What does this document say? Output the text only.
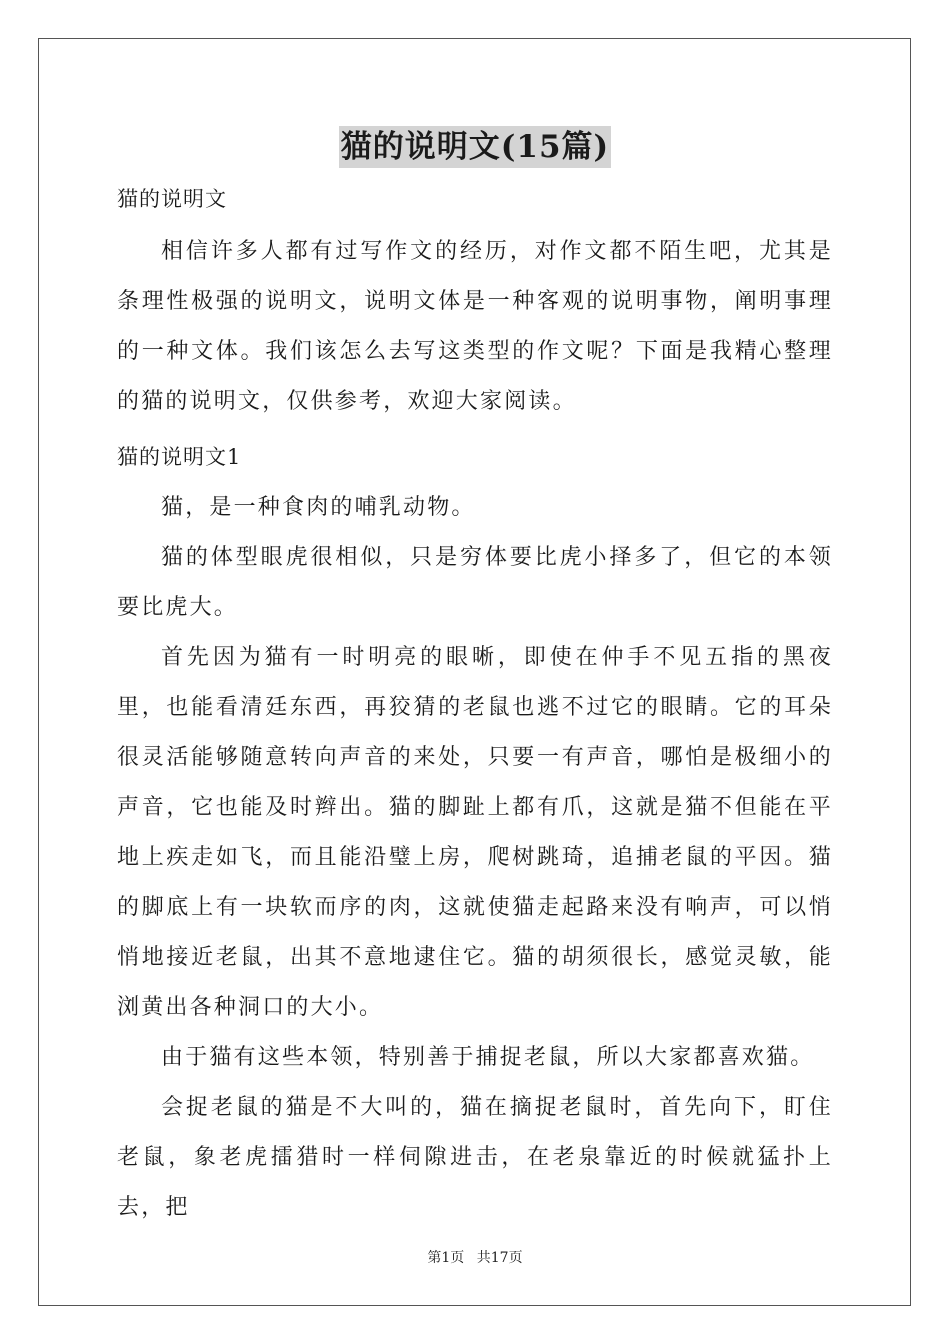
猫的说明文(15篇)

猫的说明文

相信许多人都有过写作文的经历，对作文都不陌生吧，尤其是条理性极强的说明文，说明文体是一种客观的说明事物，阐明事理的一种文体。我们该怎么去写这类型的作文呢？下面是我精心整理的猫的说明文，仅供参考，欢迎大家阅读。

猫的说明文1

猫，是一种食肉的哺乳动物。

猫的体型眼虎很相似，只是穷体要比虎小择多了，但它的本领要比虎大。

首先因为猫有一时明亮的眼晰，即使在仲手不见五指的黑夜里，也能看清廷东西，再狡猜的老鼠也逃不过它的眼睛。它的耳朵很灵活能够随意转向声音的来处，只要一有声音，哪怕是极细小的声音，它也能及时辫出。猫的脚趾上都有爪，这就是猫不但能在平地上疾走如飞，而且能沿璧上房，爬树跳琦，追捕老鼠的平因。猫的脚底上有一块软而序的肉，这就使猫走起路来没有响声，可以悄悄地接近老鼠，出其不意地逮住它。猫的胡须很长，感觉灵敏，能浏黄出各种洞口的大小。

由于猫有这些本领，特别善于捕捉老鼠，所以大家都喜欢猫。

会捉老鼠的猫是不大叫的，猫在摘捉老鼠时，首先向下，盯住老鼠，象老虎擂猎时一样伺隙进击，在老泉靠近的时候就猛扑上去，把

第1页 共17页
